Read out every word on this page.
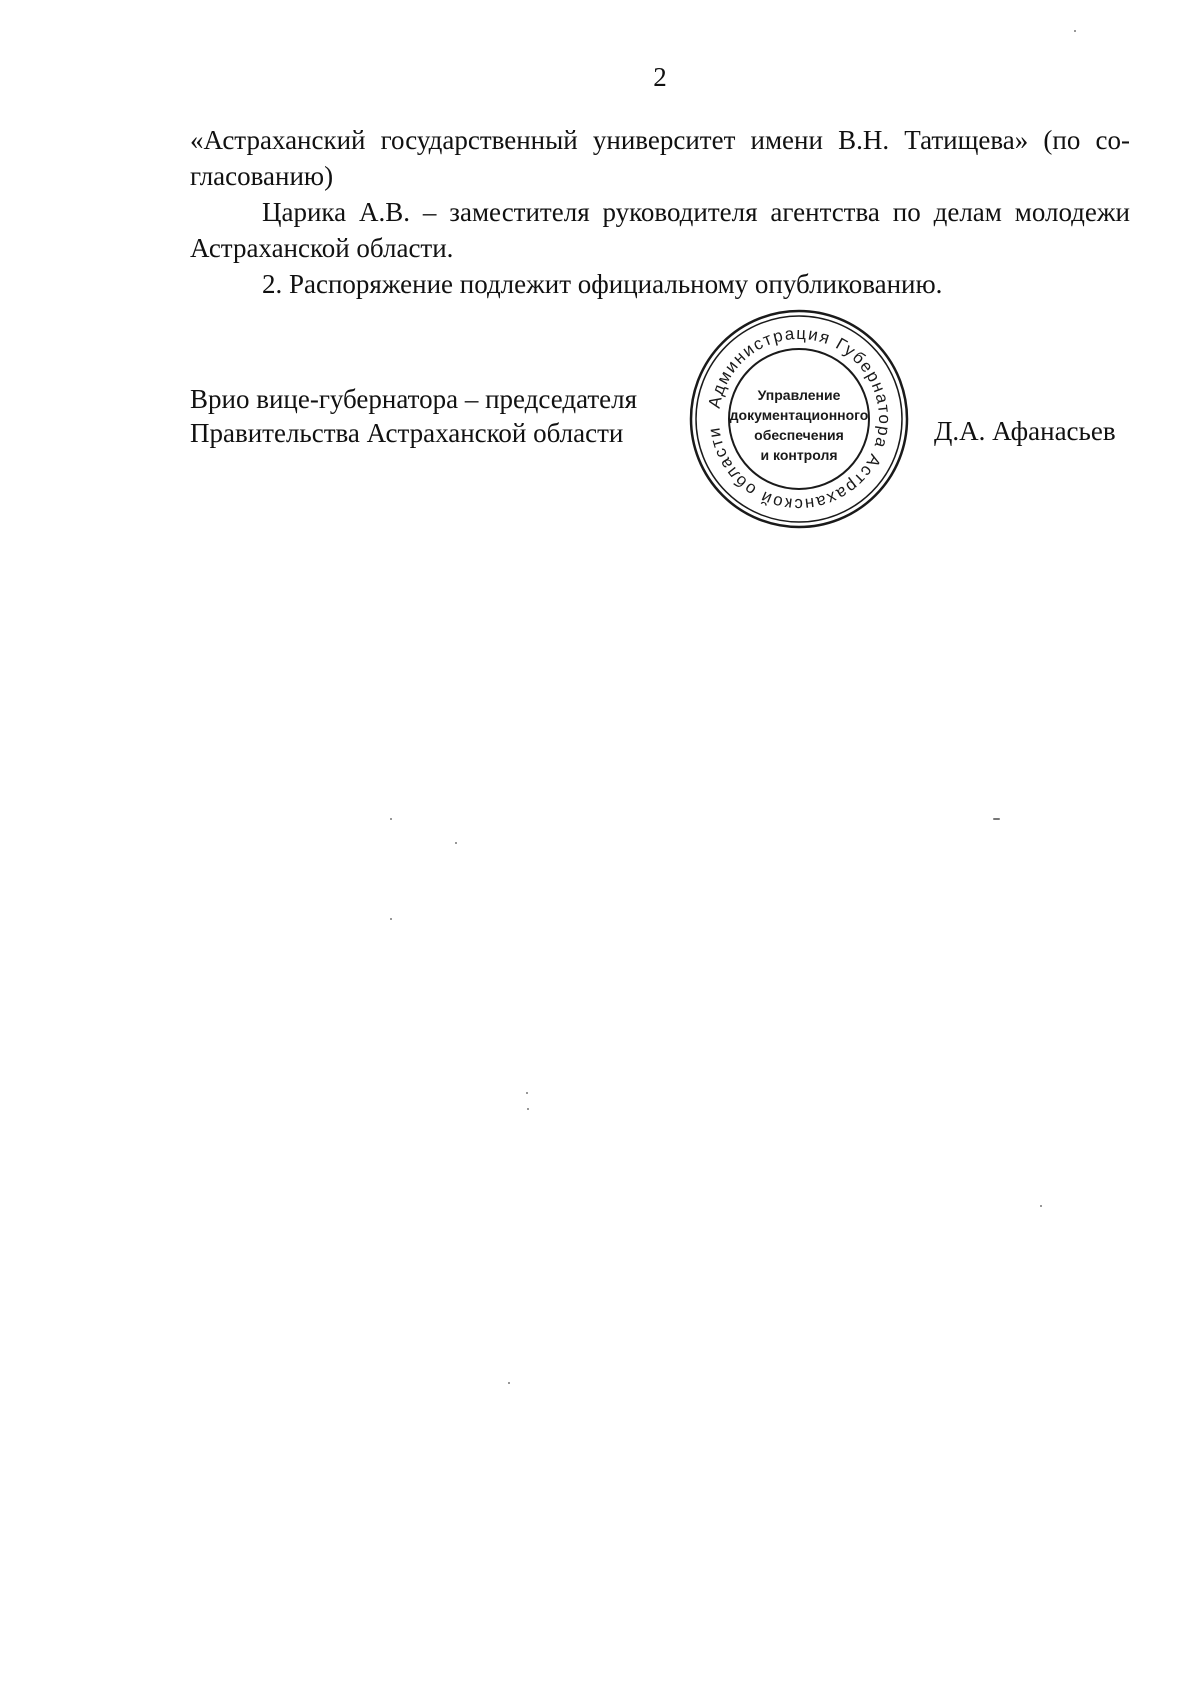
2

«Астраханский государственный университет имени В.Н. Татищева» (по со-гласованию)

Царика А.В. – заместителя руководителя агентства по делам молодежи Астраханской области.

2. Распоряжение подлежит официальному опубликованию.

Врио вице-губернатора – председателя
Правительства Астраханской области
Администрация Губернатора Астраханской области
Управление
документационного
обеспечения
и контроля
Д.А. Афанасьев
